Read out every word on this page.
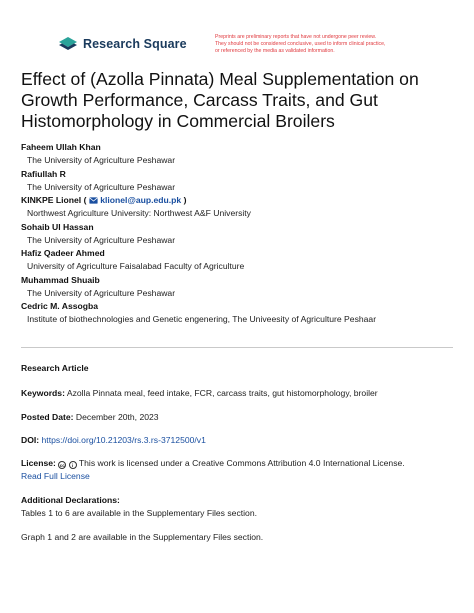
Research Square	Preprints are preliminary reports that have not undergone peer review.
They should not be considered conclusive, used to inform clinical practice,
or referenced by the media as validated information.
Effect of (Azolla Pinnata) Meal Supplementation on Growth Performance, Carcass Traits, and Gut Histomorphology in Commercial Broilers
Faheem Ullah Khan
The University of Agriculture Peshawar
Rafiullah R
The University of Agriculture Peshawar
KINKPE Lionel ( klionel@aup.edu.pk )
Northwest Agriculture University: Northwest A&F University
Sohaib Ul Hassan
The University of Agriculture Peshawar
Hafiz Qadeer Ahmed
University of Agriculture Faisalabad Faculty of Agriculture
Muhammad Shuaib
The University of Agriculture Peshawar
Cedric M. Assogba
Institute of biothechnologies and Genetic engenering, The Univeesity of Agriculture Peshaar
Research Article
Keywords: Azolla Pinnata meal, feed intake, FCR, carcass traits, gut histomorphology, broiler
Posted Date: December 20th, 2023
DOI: https://doi.org/10.21203/rs.3.rs-3712500/v1
License: cc i This work is licensed under a Creative Commons Attribution 4.0 International License.
Read Full License
Additional Declarations:
Tables 1 to 6 are available in the Supplementary Files section.
Graph 1 and 2 are available in the Supplementary Files section.
